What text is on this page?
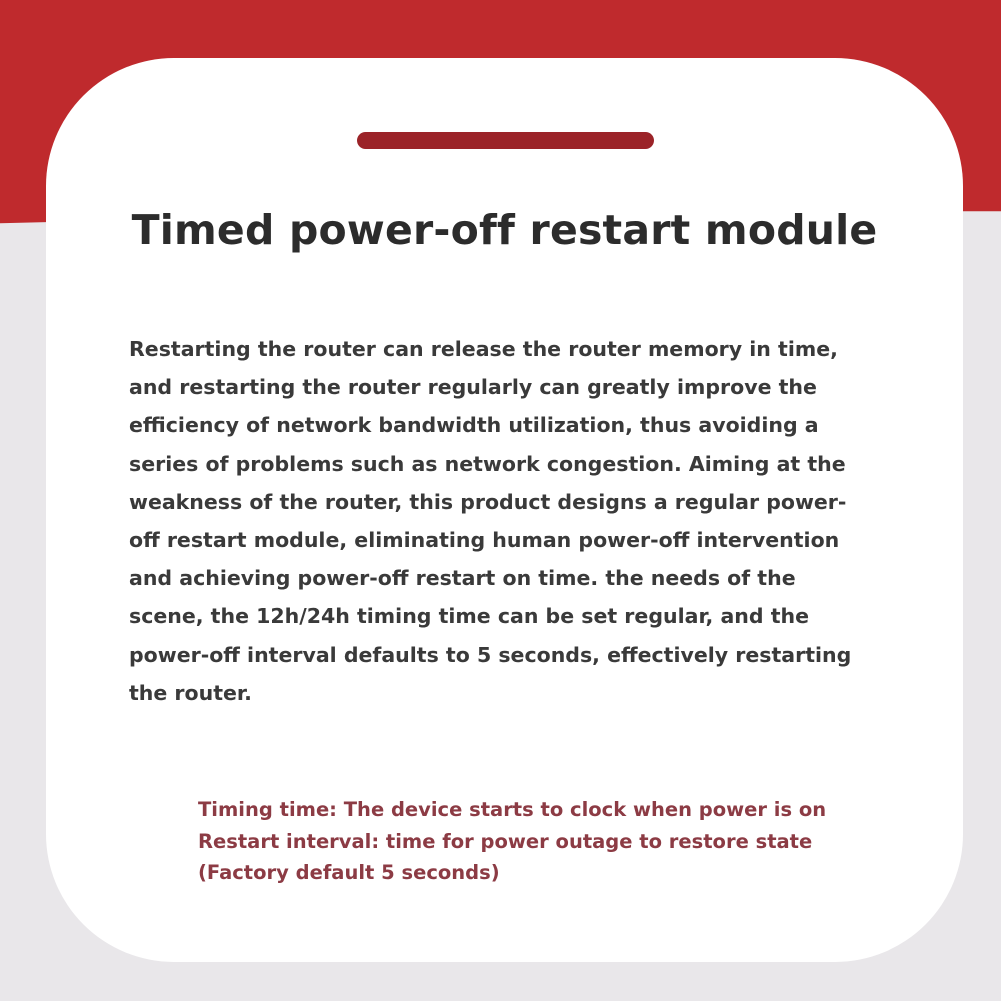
Timed power-off restart module

Restarting the router can release the router memory in time, and restarting the router regularly can greatly improve the efficiency of network bandwidth utilization, thus avoiding a series of problems such as network congestion. Aiming at the weakness of the router, this product designs a regular power-off restart module, eliminating human power-off intervention and achieving power-off restart on time. the needs of the scene, the 12h/24h timing time can be set regular, and the power-off interval defaults to 5 seconds, effectively restarting the router.

Timing time: The device starts to clock when power is on
Restart interval: time for power outage to restore state
(Factory default 5 seconds)
